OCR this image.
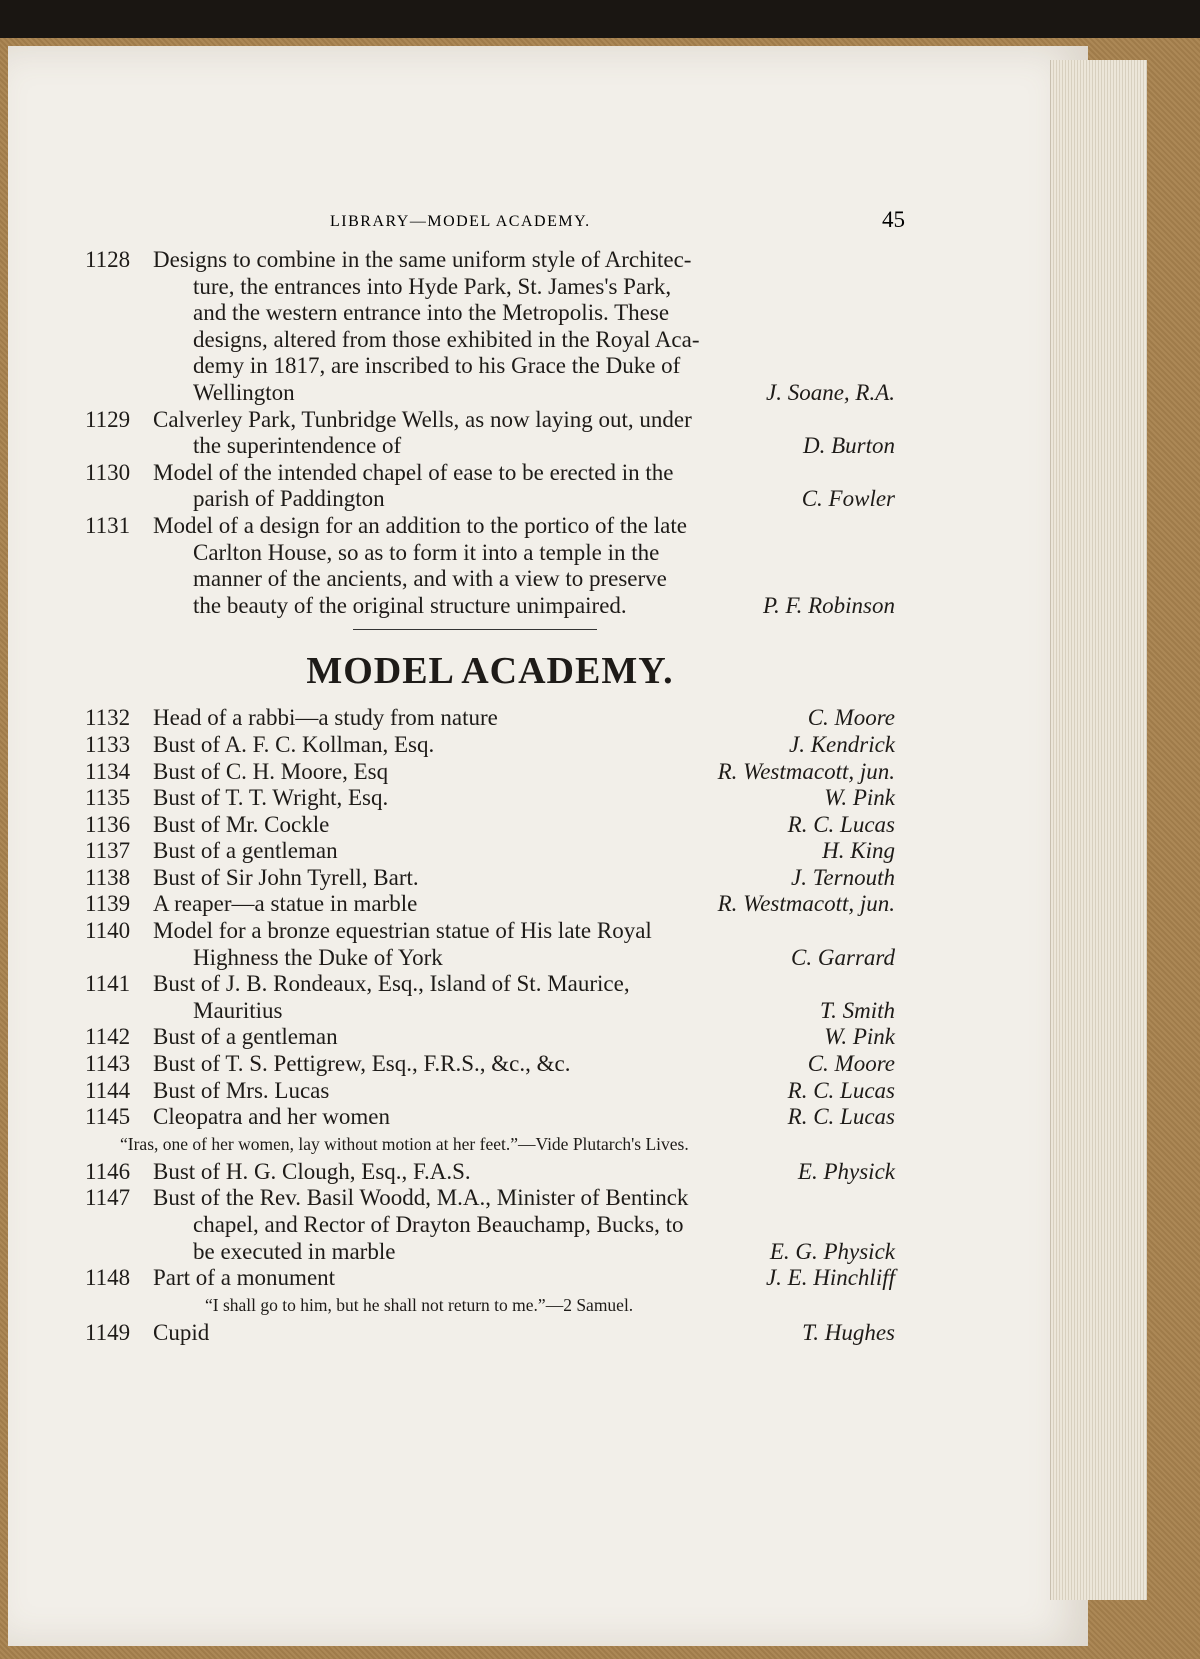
LIBRARY—MODEL ACADEMY.	45
1128 Designs to combine in the same uniform style of Architec-
ture, the entrances into Hyde Park, St. James's Park,
and the western entrance into the Metropolis. These
designs, altered from those exhibited in the Royal Aca-
demy in 1817, are inscribed to his Grace the Duke of
Wellington	J. Soane, R.A.
1129 Calverley Park, Tunbridge Wells, as now laying out, under
the superintendence of	D. Burton
1130 Model of the intended chapel of ease to be erected in the
parish of Paddington	C. Fowler
1131 Model of a design for an addition to the portico of the late
Carlton House, so as to form it into a temple in the
manner of the ancients, and with a view to preserve
the beauty of the original structure unimpaired.	P. F. Robinson
MODEL ACADEMY.
1132 Head of a rabbi—a study from nature	C. Moore
1133 Bust of A. F. C. Kollman, Esq.	J. Kendrick
1134 Bust of C. H. Moore, Esq	R. Westmacott, jun.
1135 Bust of T. T. Wright, Esq.	W. Pink
1136 Bust of Mr. Cockle	R. C. Lucas
1137 Bust of a gentleman	H. King
1138 Bust of Sir John Tyrell, Bart.	J. Ternouth
1139 A reaper—a statue in marble	R. Westmacott, jun.
1140 Model for a bronze equestrian statue of His late Royal
Highness the Duke of York	C. Garrard
1141 Bust of J. B. Rondeaux, Esq., Island of St. Maurice,
Mauritius	T. Smith
1142 Bust of a gentleman	W. Pink
1143 Bust of T. S. Pettigrew, Esq., F.R.S., &c., &c.	C. Moore
1144 Bust of Mrs. Lucas	R. C. Lucas
1145 Cleopatra and her women	R. C. Lucas
“Iras, one of her women, lay without motion at her feet.”—Vide Plutarch's Lives.
1146 Bust of H. G. Clough, Esq., F.A.S.	E. Physick
1147 Bust of the Rev. Basil Woodd, M.A., Minister of Bentinck
chapel, and Rector of Drayton Beauchamp, Bucks, to
be executed in marble	E. G. Physick
1148 Part of a monument	J. E. Hinchliff
“I shall go to him, but he shall not return to me.”—2 Samuel.
1149 Cupid	T. Hughes
